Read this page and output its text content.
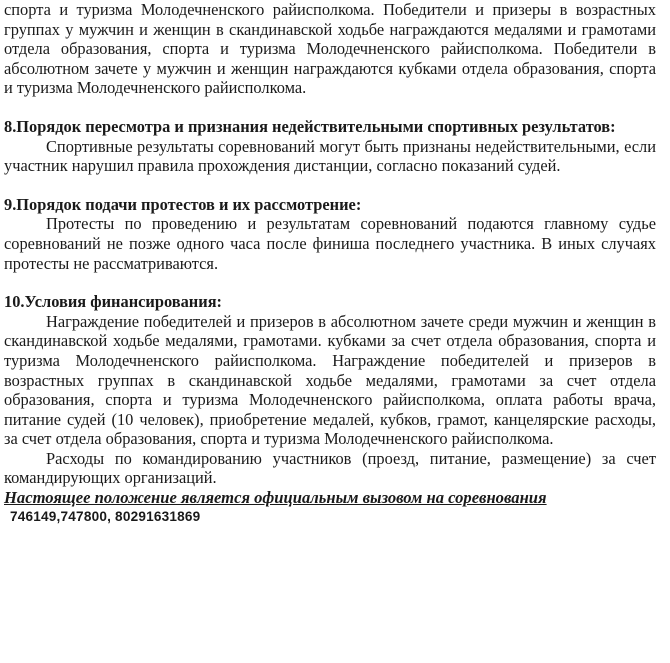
спорта и туризма Молодечненского райисполкома. Победители и призеры в возрастных группах у мужчин и женщин в скандинавской ходьбе награждаются медалями и грамотами отдела образования, спорта и туризма Молодечненского райисполкома. Победители в абсолютном зачете у мужчин и женщин награждаются кубками отдела образования, спорта и туризма Молодечненского райисполкома.

8.Порядок пересмотра и признания недействительными спортивных результатов:

Спортивные результаты соревнований могут быть признаны недействительными, если участник нарушил правила прохождения дистанции, согласно показаний судей.

9.Порядок подачи протестов и их рассмотрение:

Протесты по проведению и результатам соревнований подаются главному судье соревнований не позже одного часа после финиша последнего участника. В иных случаях протесты не рассматриваются.

10.Условия финансирования:

Награждение победителей и призеров в абсолютном зачете среди мужчин и женщин в скандинавской ходьбе медалями, грамотами. кубками за счет отдела образования, спорта и туризма Молодечненского райисполкома. Награждение победителей и призеров в возрастных группах в скандинавской ходьбе медалями, грамотами за счет отдела образования, спорта и туризма Молодечненского райисполкома, оплата работы врача, питание судей (10 человек), приобретение медалей, кубков, грамот, канцелярские расходы, за счет отдела образования, спорта и туризма Молодечненского райисполкома.

Расходы по командированию участников (проезд, питание, размещение) за счет командирующих организаций.

Настоящее положение является официальным вызовом на соревнования

746149,747800, 80291631869
